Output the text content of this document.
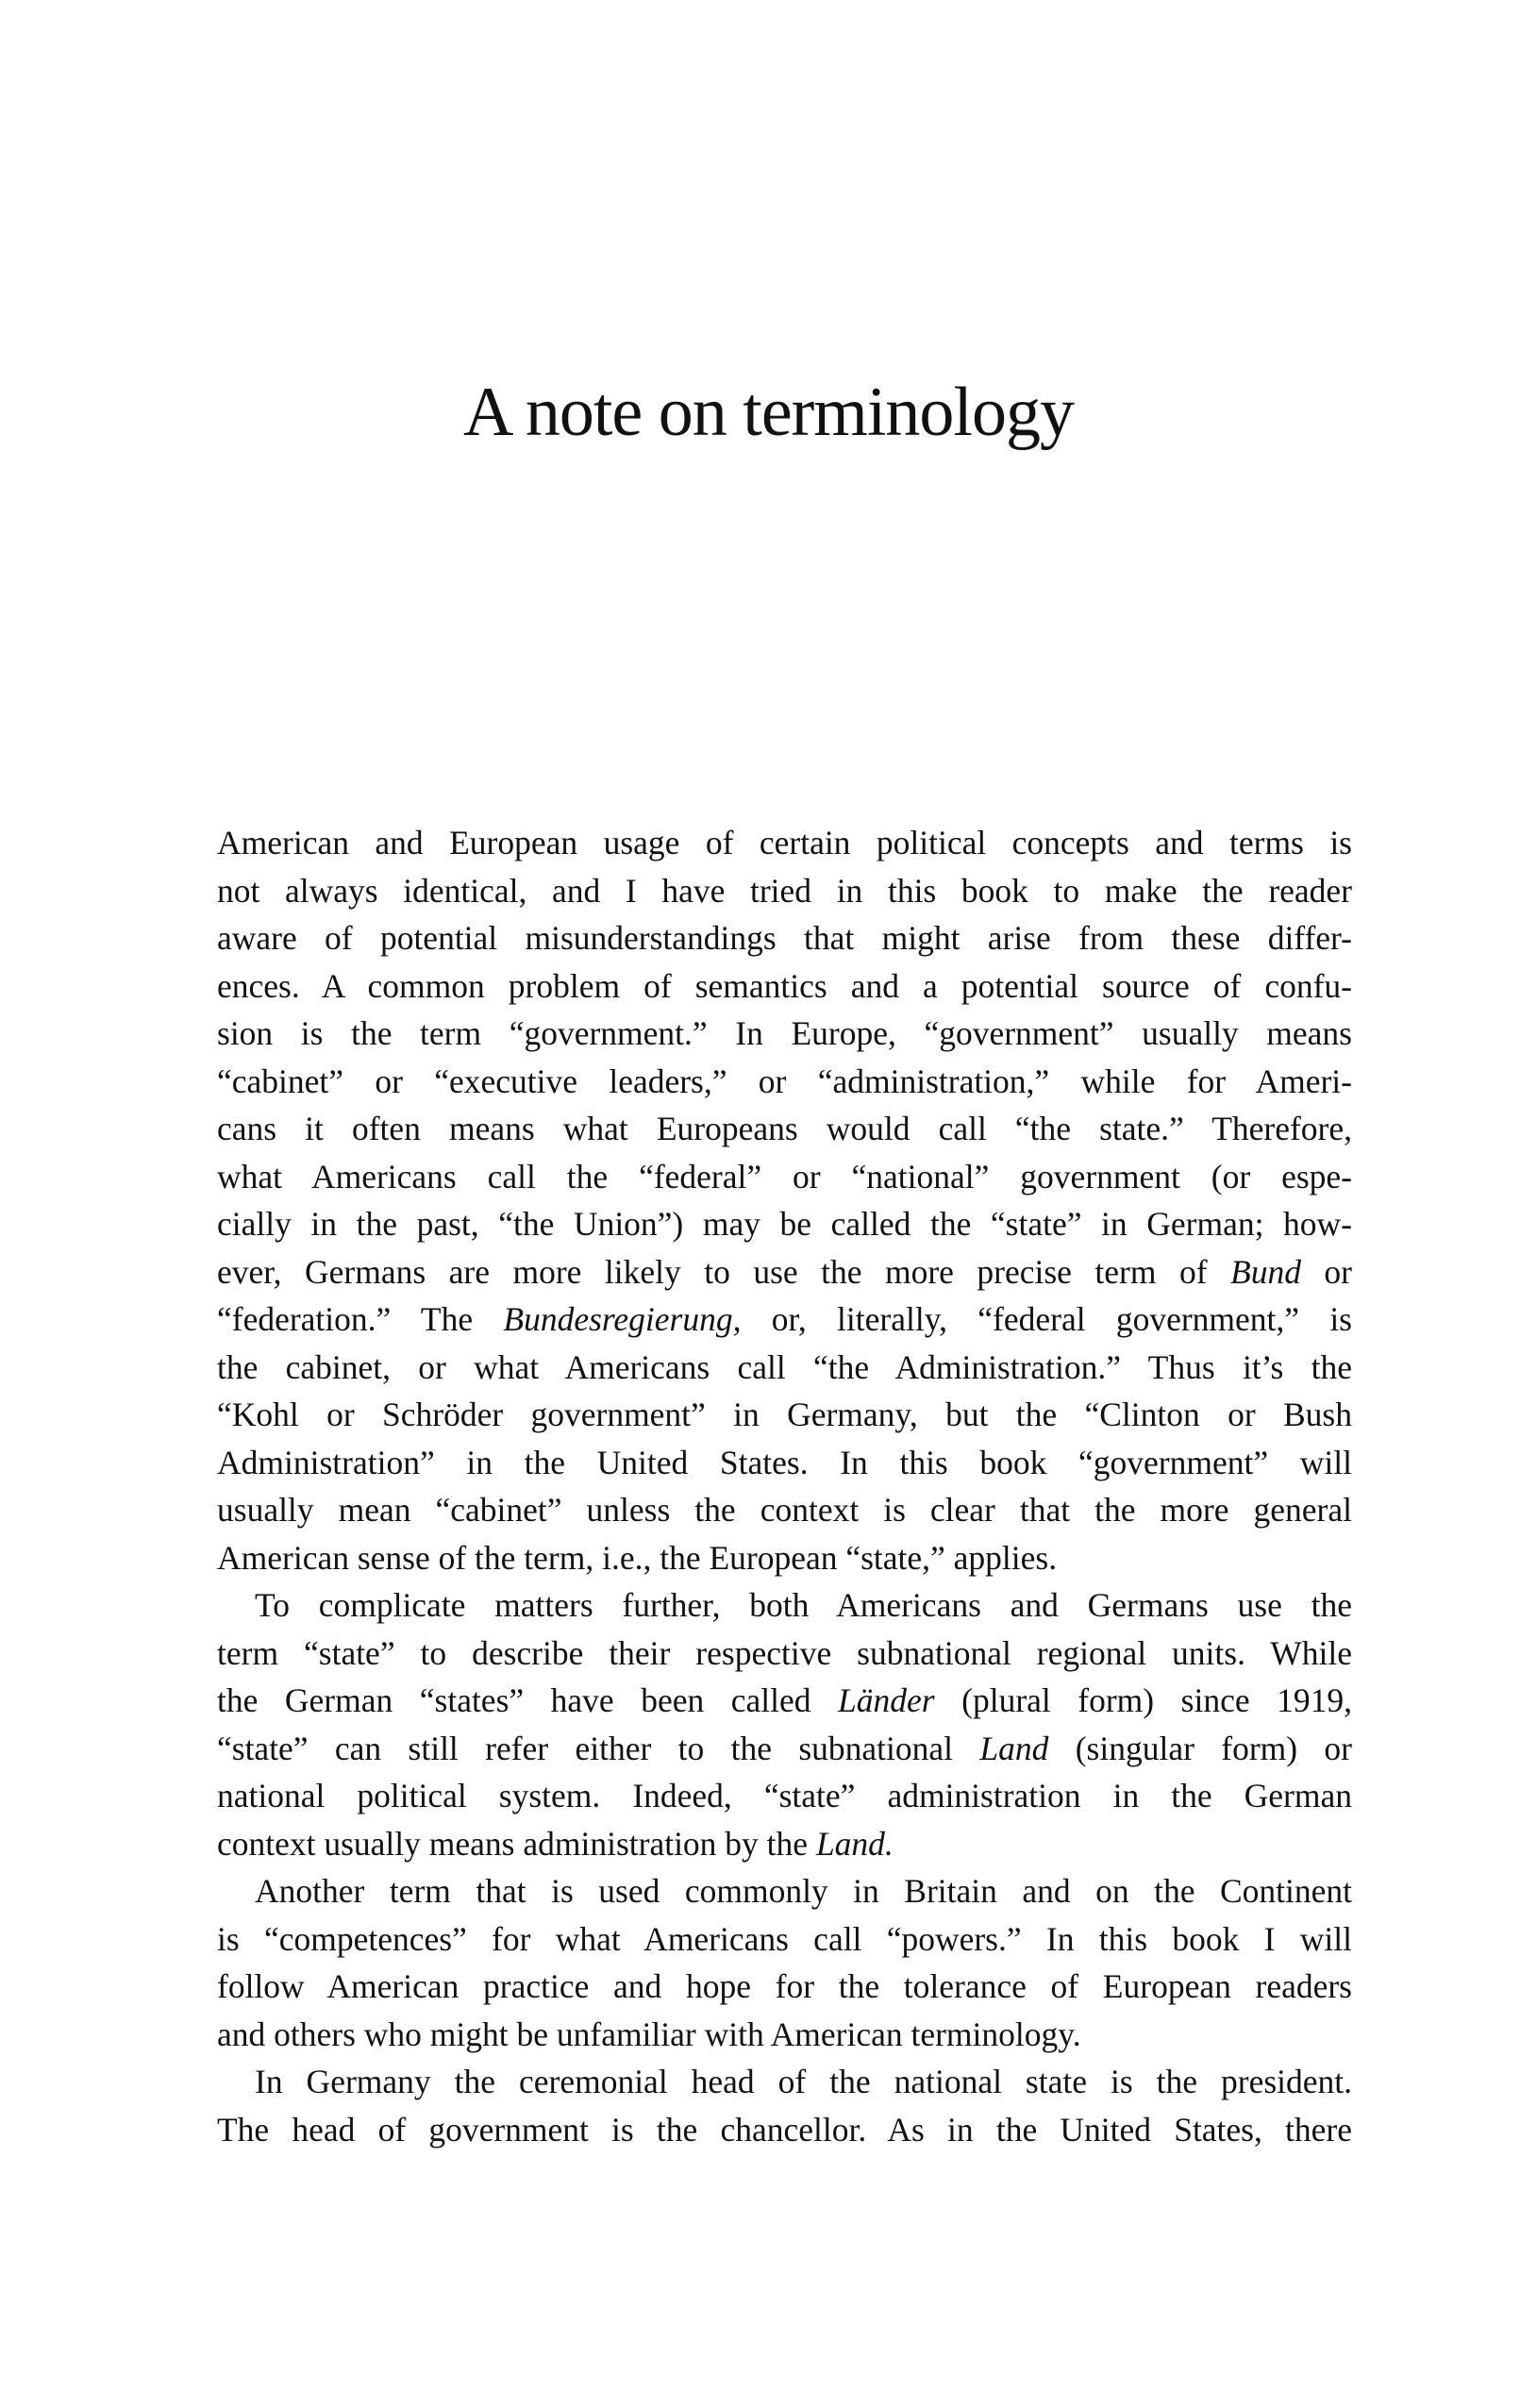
A note on terminology
American and European usage of certain political concepts and terms is
not always identical, and I have tried in this book to make the reader
aware of potential misunderstandings that might arise from these differ-
ences. A common problem of semantics and a potential source of confu-
sion is the term “government.” In Europe, “government” usually means
“cabinet” or “executive leaders,” or “administration,” while for Ameri-
cans it often means what Europeans would call “the state.” Therefore,
what Americans call the “federal” or “national” government (or espe-
cially in the past, “the Union”) may be called the “state” in German; how-
ever, Germans are more likely to use the more precise term of Bund or
“federation.” The Bundesregierung, or, literally, “federal government,” is
the cabinet, or what Americans call “the Administration.” Thus it’s the
“Kohl or Schröder government” in Germany, but the “Clinton or Bush
Administration” in the United States. In this book “government” will
usually mean “cabinet” unless the context is clear that the more general
American sense of the term, i.e., the European “state,” applies.
To complicate matters further, both Americans and Germans use the
term “state” to describe their respective subnational regional units. While
the German “states” have been called Länder (plural form) since 1919,
“state” can still refer either to the subnational Land (singular form) or
national political system. Indeed, “state” administration in the German
context usually means administration by the Land.
Another term that is used commonly in Britain and on the Continent
is “competences” for what Americans call “powers.” In this book I will
follow American practice and hope for the tolerance of European readers
and others who might be unfamiliar with American terminology.
In Germany the ceremonial head of the national state is the president.
The head of government is the chancellor. As in the United States, there
